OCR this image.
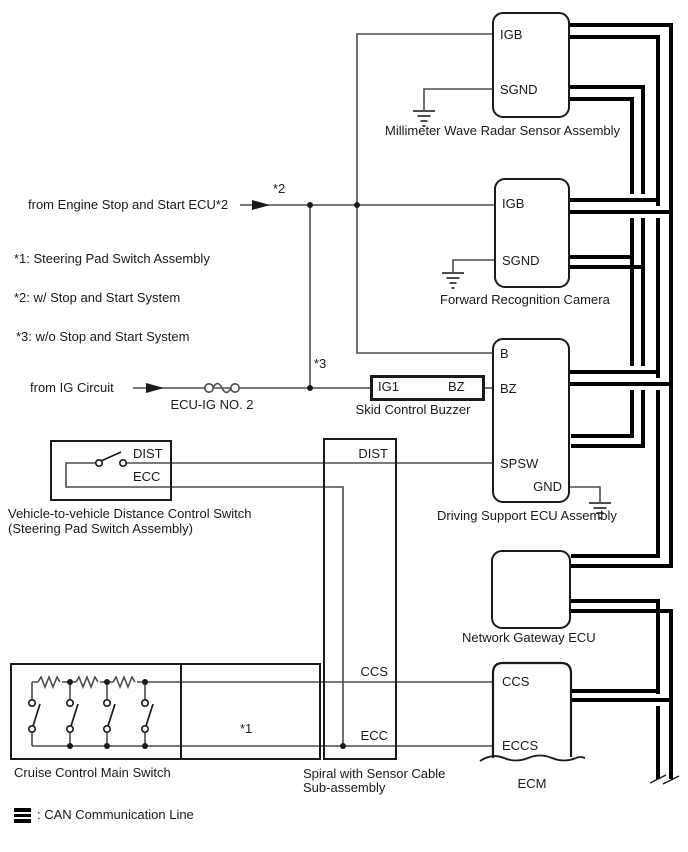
IGB
SGND
IGB
SGND
B
BZ
SPSW
GND
CCS
ECCS
IG1	BZ
DIST
ECC
DIST
CCS
ECC
Millimeter Wave Radar Sensor Assembly
Forward Recognition Camera
Skid Control Buzzer
Driving Support ECU Assembly
Network Gateway ECU
ECM
Vehicle-to-vehicle Distance Control Switch
(Steering Pad Switch Assembly)
Cruise Control Main Switch	Spiral with Sensor Cable
Sub-assembly
from Engine Stop and Start ECU*2
from IG Circuit
ECU-IG NO. 2
*1: Steering Pad Switch Assembly
*2: w/ Stop and Start System
*3: w/o Stop and Start System
*2
*3
*1
: CAN Communication Line
